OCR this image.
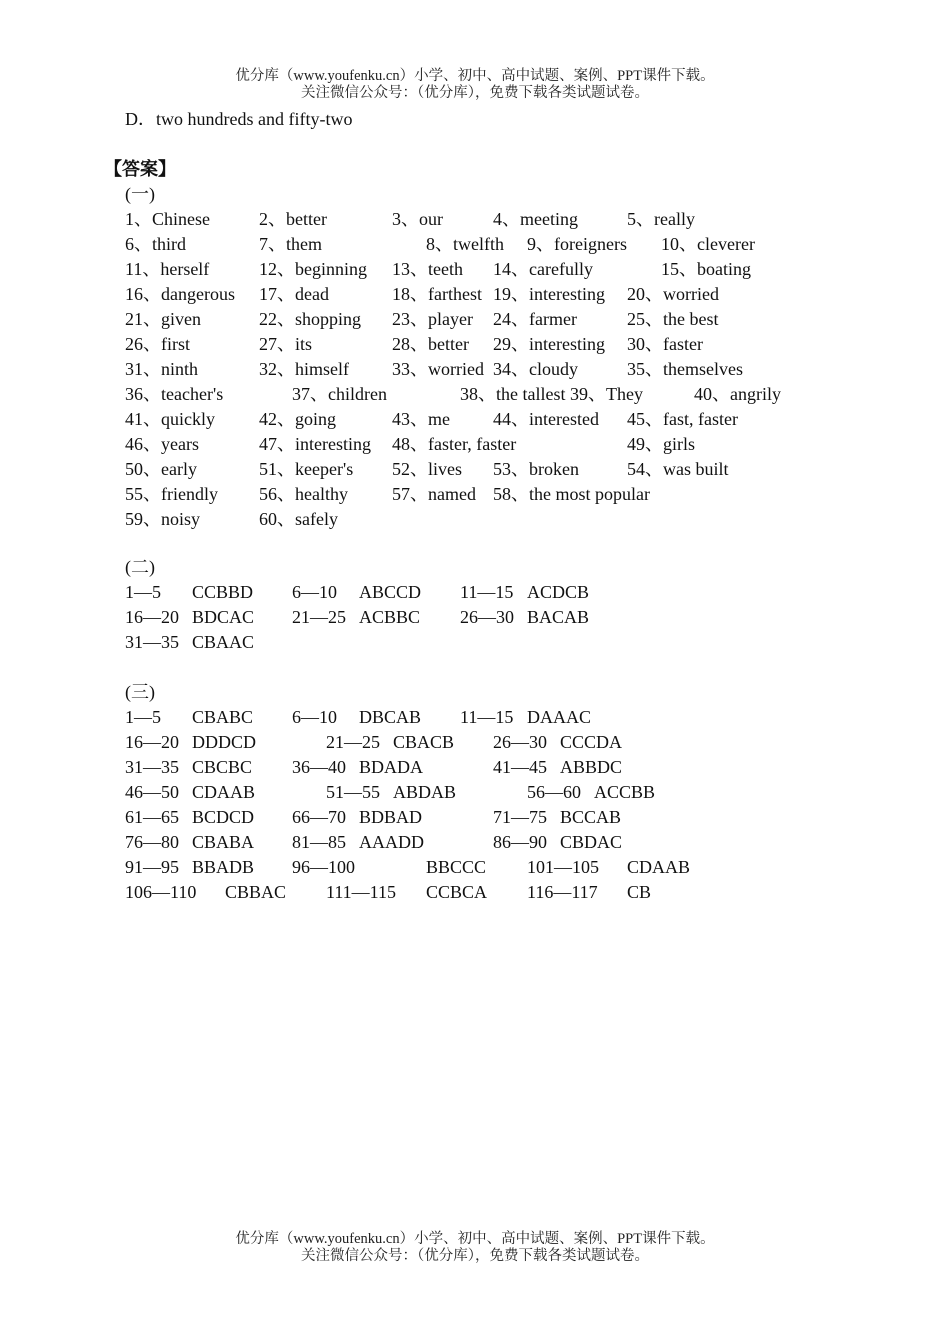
优分库（www.youfenku.cn）小学、初中、高中试题、案例、PPT课件下载。
关注微信公众号：（优分库），免费下载各类试题试卷。
D．two hundreds and fifty-two
【答案】
(一)
1、Chinese	2、better	3、our	4、meeting	5、really
6、third	7、them	8、twelfth 9、foreigners 10、cleverer
11、herself	12、beginning 13、teeth 14、carefully	15、boating
16、dangerous 17、dead	18、farthest 19、interesting 20、worried
21、given	22、shopping 23、player 24、farmer	25、the best
26、first	27、its	28、better 29、interesting 30、faster
31、ninth	32、himself 33、worried 34、cloudy	35、themselves
36、teacher's	37、children	38、the tallest 39、They	40、angrily
41、quickly 42、going	43、me 44、interested 45、fast, faster
46、years	47、interesting 48、faster, faster	49、girls
50、early	51、keeper's 52、lives 53、broken	54、was built
55、friendly 56、healthy 57、named 58、the most popular
59、noisy	60、safely
(二)
1—5 CCBBD 6—10 ABCCD 11—15 ACDCB
16—20 BDCAC 21—25 ACBBC 26—30 BACAB
31—35 CBAAC
(三)
1—5 CBABC 6—10 DBCAB 11—15 DAAAC
16—20 DDDCD	21—25 CBACB 26—30 CCCDA
31—35 CBCBC 36—40 BDADA	41—45 ABBDC
46—50 CDAAB	51—55 ABDAB	56—60 ACCBB
61—65 BCDCD 66—70 BDBAD	71—75 BCCAB
76—80 CBABA 81—85 AAADD	86—90 CBDAC
91—95 BBADB 96—100	BBCCC 101—105 CDAAB
106—110 CBBAC 111—115 CCBCA 116—117 CB
优分库（www.youfenku.cn）小学、初中、高中试题、案例、PPT课件下载。
关注微信公众号：（优分库），免费下载各类试题试卷。
